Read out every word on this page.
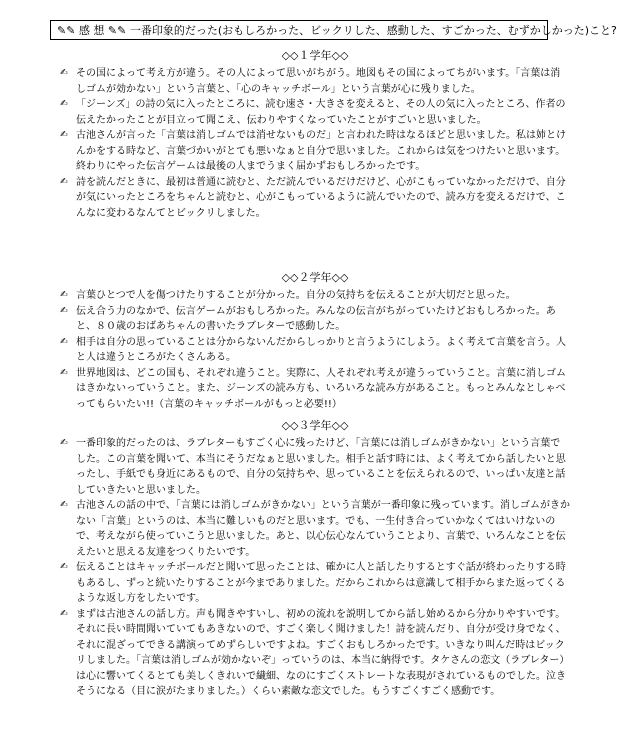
✎✎ 感 想 ✎✎ 一番印象的だった(おもしろかった、ビックリした、感動した、すごかった、むずかしかった)こと?
◇◇１学年◇◇

✍ その国によって考え方が違う。その人によって思いがちがう。地図もその国によってちがいます。「言葉は消しゴムが効かない」という言葉と、「心のキャッチボール」という言葉が心に残りました。

✍ 「ジーンズ」の詩の気に入ったところに、読む速さ・大きさを変えると、その人の気に入ったところ、作者の伝えたかったことが目立って聞こえ、伝わりやすくなっていたことがすごいと思いました。

✍ 古池さんが言った「言葉は消しゴムでは消せないものだ」と言われた時はなるほどと思いました。私は姉とけんかをする時など、言葉づかいがとても悪いなぁと自分で思いました。これからは気をつけたいと思います。終わりにやった伝言ゲームは最後の人までうまく届かずおもしろかったです。

✍ 詩を読んだときに、最初は普通に読むと、ただ読んでいるだけだけど、心がこもっていなかっただけで、自分が気にいったところをちゃんと読むと、心がこもっているように読んでいたので、読み方を変えるだけで、こんなに変わるなんてとビックリしました。

◇◇２学年◇◇

✍ 言葉ひとつで人を傷つけたりすることが分かった。自分の気持ちを伝えることが大切だと思った。

✍ 伝え合う力のなかで、伝言ゲームがおもしろかった。みんなの伝言がちがっていたけどおもしろかった。あと、８０歳のおばあちゃんの書いたラブレターで感動した。

✍ 相手は自分の思っていることは分からないんだからしっかりと言うようにしよう。よく考えて言葉を言う。人と人は違うところがたくさんある。

✍ 世界地図は、どこの国も、それぞれ違うこと。実際に、人それぞれ考えが違うっていうこと。言葉に消しゴムはきかないっていうこと。また、ジーンズの読み方も、いろいろな読み方があること。もっとみんなとしゃべってもらいたい!!（言葉のキャッチボールがもっと必要!!）

◇◇３学年◇◇

✍ 一番印象的だったのは、ラブレターもすごく心に残ったけど、「言葉には消しゴムがきかない」という言葉でした。この言葉を聞いて、本当にそうだなぁと思いました。相手と話す時には、よく考えてから話したいと思ったし、手紙でも身近にあるもので、自分の気持ちや、思っていることを伝えられるので、いっぱい友達と話していきたいと思いました。

✍ 古池さんの話の中で、「言葉には消しゴムがきかない」という言葉が一番印象に残っています。消しゴムがきかない「言葉」というのは、本当に難しいものだと思います。でも、一生付き合っていかなくてはいけないので、考えながら使っていこうと思いました。あと、以心伝心なんていうことより、言葉で、いろんなことを伝えたいと思える友達をつくりたいです。

✍ 伝えることはキャッチボールだと聞いて思ったことは、確かに人と話したりするとすぐ話が終わったりする時もあるし、ずっと続いたりすることが今までありました。だからこれからは意識して相手からまた返ってくるような返し方をしたいです。

✍ まずは古池さんの話し方。声も聞きやすいし、初めの流れを説明してから話し始めるから分かりやすいです。それに長い時間聞いていてもあきないので、すごく楽しく聞けました！詩を読んだり、自分が受け身でなく、それに混ざってできる講演ってめずらしいですよね。すごくおもしろかったです。いきなり叫んだ時はビックリしました。「言葉は消しゴムが効かないぞ」っていうのは、本当に納得です。タケさんの恋文（ラブレター）は心に響いてくるとても美しくきれいで繊細、なのにすごくストレートな表現がされているものでした。泣きそうになる（目に涙がたまりました。）くらい素敵な恋文でした。もうすごくすごく感動です。
